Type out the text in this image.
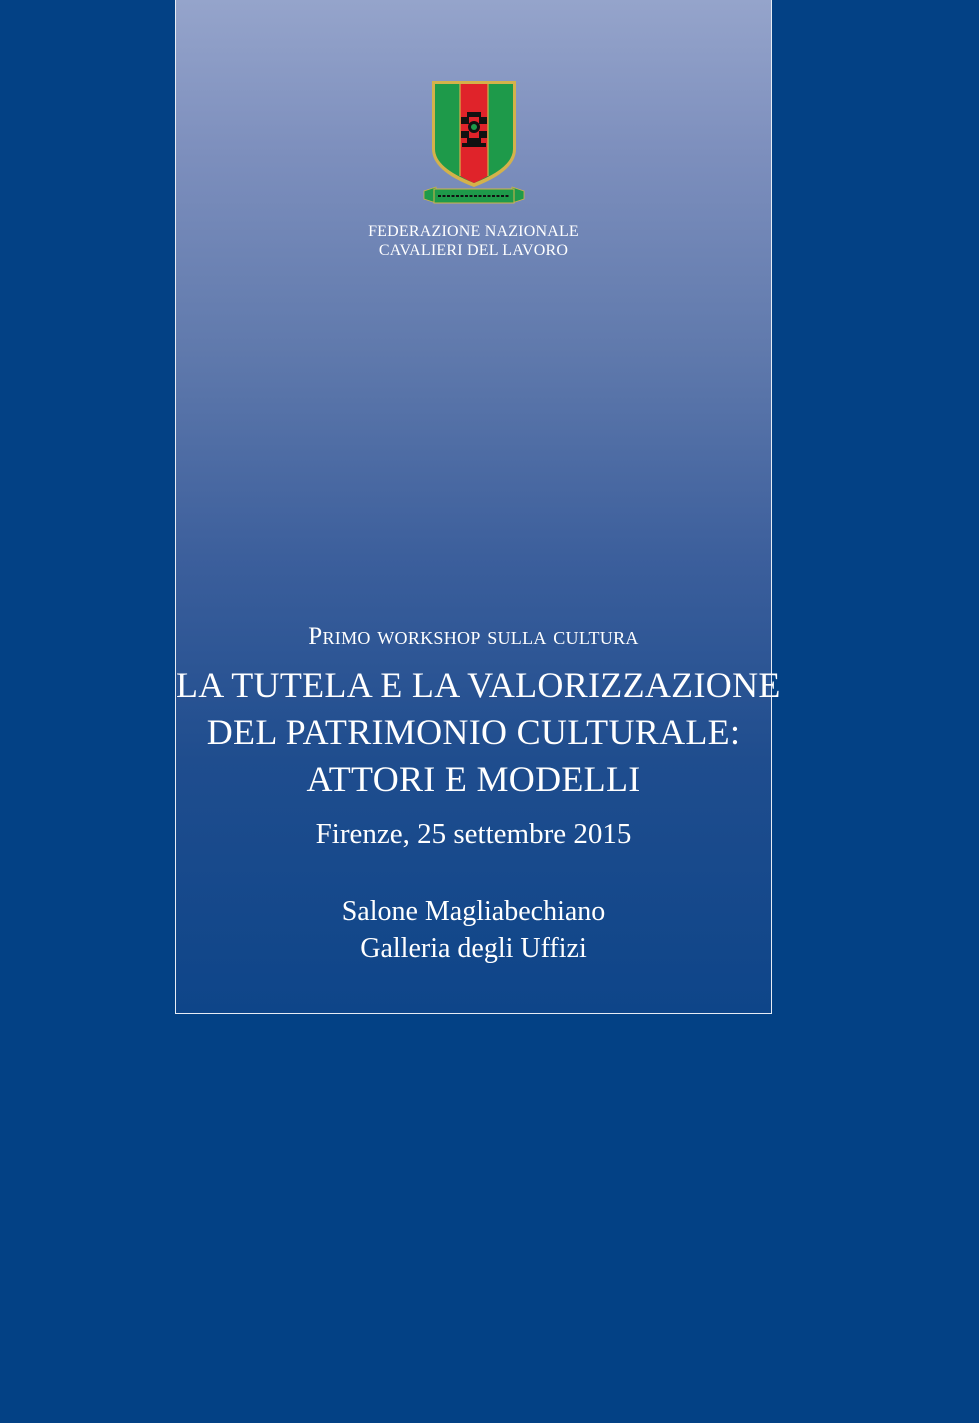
FEDERAZIONE NAZIONALE
CAVALIERI DEL LAVORO
Primo workshop sulla cultura
LA TUTELA E LA VALORIZZAZIONE
DEL PATRIMONIO CULTURALE:
ATTORI E MODELLI
Firenze, 25 settembre 2015
Salone Magliabechiano
Galleria degli Uffizi
